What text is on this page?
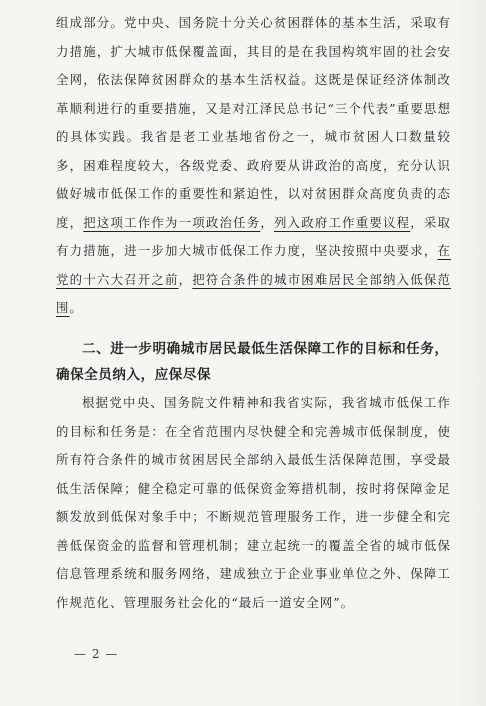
组成部分。党中央、国务院十分关心贫困群体的基本生活，采取有力措施，扩大城市低保覆盖面，其目的是在我国构筑牢固的社会安全网，依法保障贫困群众的基本生活权益。这既是保证经济体制改革顺利进行的重要措施，又是对江泽民总书记“三个代表”重要思想的具体实践。我省是老工业基地省份之一，城市贫困人口数量较多，困难程度较大，各级党委、政府要从讲政治的高度，充分认识做好城市低保工作的重要性和紧迫性，以对贫困群众高度负责的态度，把这项工作作为一项政治任务，列入政府工作重要议程，采取有力措施，进一步加大城市低保工作力度，坚决按照中央要求，在党的十六大召开之前，把符合条件的城市困难居民全部纳入低保范围。
二、进一步明确城市居民最低生活保障工作的目标和任务，确保全员纳入，应保尽保
根据党中央、国务院文件精神和我省实际，我省城市低保工作的目标和任务是：在全省范围内尽快健全和完善城市低保制度，使所有符合条件的城市贫困居民全部纳入最低生活保障范围，享受最低生活保障；健全稳定可靠的低保资金筹措机制，按时将保障金足额发放到低保对象手中；不断规范管理服务工作，进一步健全和完善低保资金的监督和管理机制；建立起统一的覆盖全省的城市低保信息管理系统和服务网络，建成独立于企业事业单位之外、保障工作规范化、管理服务社会化的“最后一道安全网”。
— 2 —
